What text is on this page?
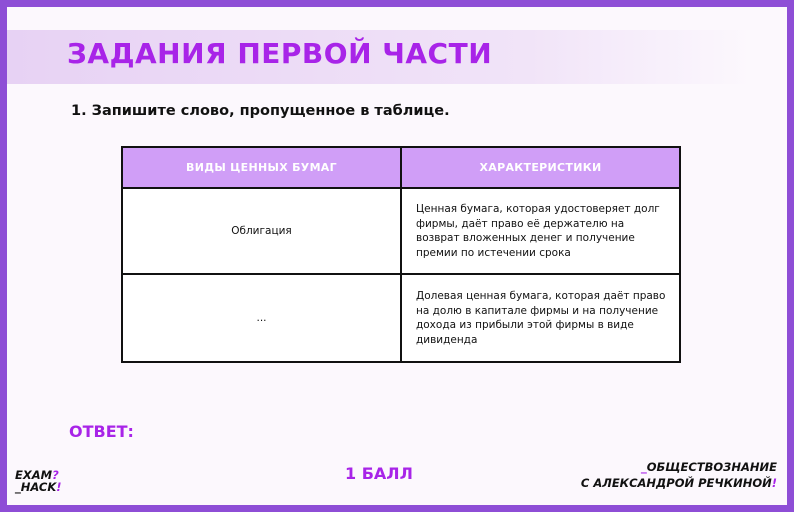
ЗАДАНИЯ ПЕРВОЙ ЧАСТИ

1. Запишите слово, пропущенное в таблице.

ВИДЫ ЦЕННЫХ БУМАГ	ХАРАКТЕРИСТИКИ
Облигация	Ценная бумага, которая удостоверяет долг фирмы, даёт право её держателю на возврат вложенных денег и получение премии по истечении срока
...	Долевая ценная бумага, которая даёт право на долю в капитале фирмы и на получение дохода из прибыли этой фирмы в виде дивиденда
ОТВЕТ:
EXAM?
_HACK!
1 БАЛЛ	_ОБЩЕСТВОЗНАНИЕ
С АЛЕКСАНДРОЙ РЕЧКИНОЙ!
